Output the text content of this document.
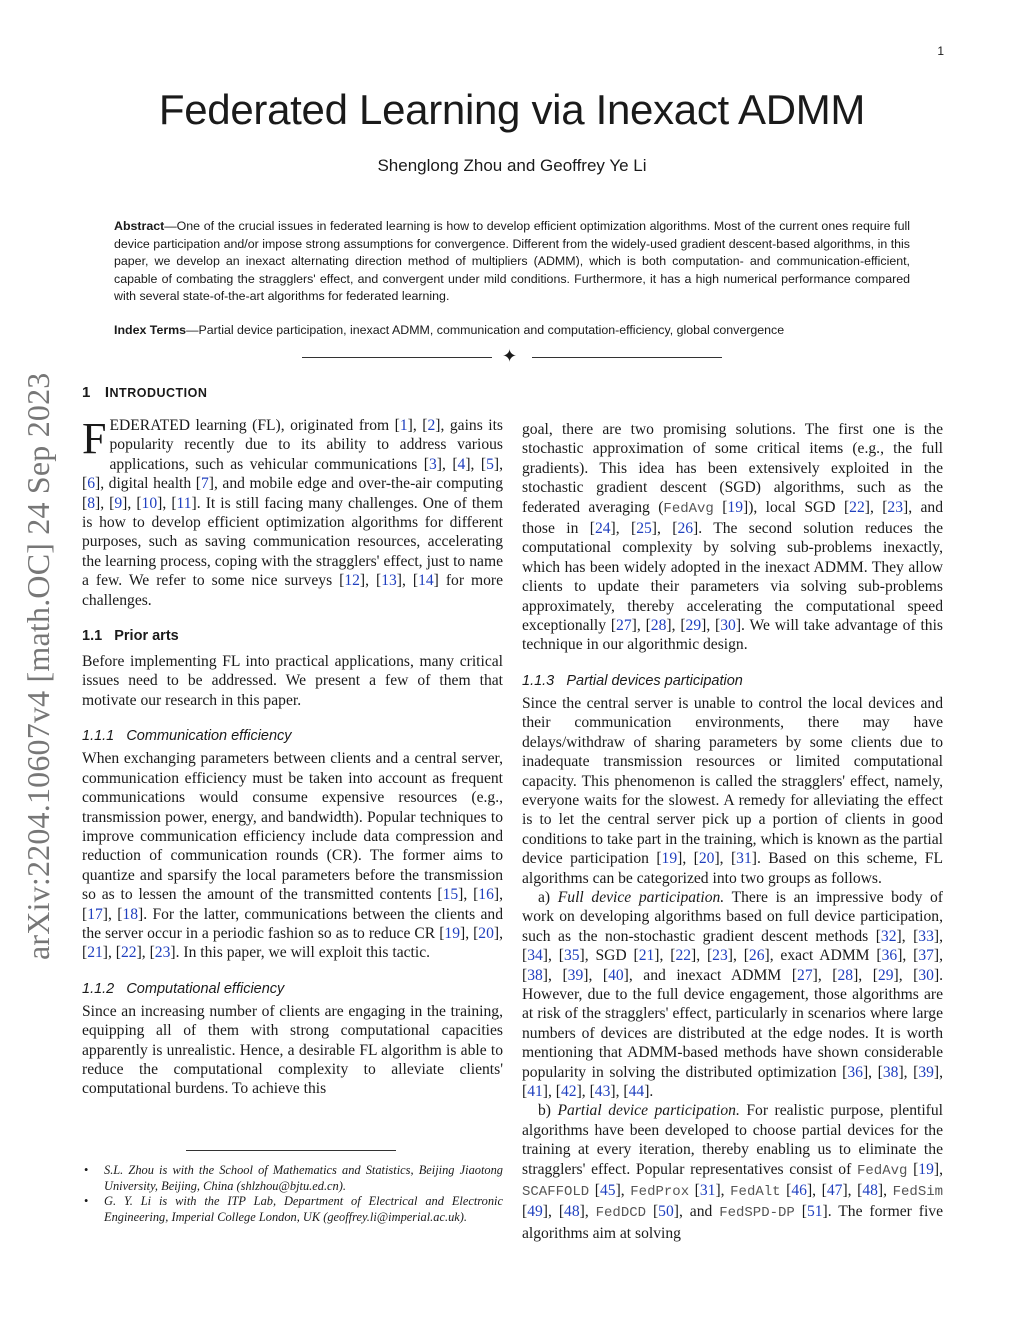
1
Federated Learning via Inexact ADMM
Shenglong Zhou and Geoffrey Ye Li
Abstract—One of the crucial issues in federated learning is how to develop efficient optimization algorithms. Most of the current ones require full device participation and/or impose strong assumptions for convergence. Different from the widely-used gradient descent-based algorithms, in this paper, we develop an inexact alternating direction method of multipliers (ADMM), which is both computation- and communication-efficient, capable of combating the stragglers' effect, and convergent under mild conditions. Furthermore, it has a high numerical performance compared with several state-of-the-art algorithms for federated learning.
Index Terms—Partial device participation, inexact ADMM, communication and computation-efficiency, global convergence
✦
arXiv:2204.10607v4 [math.OC] 24 Sep 2023 1 INTRODUCTION

FEDERATED learning (FL), originated from [1], [2], gains its popularity recently due to its ability to address various applications, such as vehicular communications [3], [4], [5], [6], digital health [7], and mobile edge and over-the-air computing [8], [9], [10], [11]. It is still facing many challenges. One of them is how to develop efficient optimization algorithms for different purposes, such as saving communication resources, accelerating the learning process, coping with the stragglers' effect, just to name a few. We refer to some nice surveys [12], [13], [14] for more challenges.

1.1   Prior arts

Before implementing FL into practical applications, many critical issues need to be addressed. We present a few of them that motivate our research in this paper.

1.1.1   Communication efficiency

When exchanging parameters between clients and a central server, communication efficiency must be taken into account as frequent communications would consume expensive resources (e.g., transmission power, energy, and bandwidth). Popular techniques to improve communication efficiency include data compression and reduction of communication rounds (CR). The former aims to quantize and sparsify the local parameters before the transmission so as to lessen the amount of the transmitted contents [15], [16], [17], [18]. For the latter, communications between the clients and the server occur in a periodic fashion so as to reduce CR [19], [20], [21], [22], [23]. In this paper, we will exploit this tactic.

1.1.2   Computational efficiency

Since an increasing number of clients are engaging in the training, equipping all of them with strong computational capacities apparently is unrealistic. Hence, a desirable FL algorithm is able to reduce the computational complexity to alleviate clients' computational burdens. To achieve this

goal, there are two promising solutions. The first one is the stochastic approximation of some critical items (e.g., the full gradients). This idea has been extensively exploited in the stochastic gradient descent (SGD) algorithms, such as the federated averaging (FedAvg [19]), local SGD [22], [23], and those in [24], [25], [26]. The second solution reduces the computational complexity by solving sub-problems inexactly, which has been widely adopted in the inexact ADMM. They allow clients to update their parameters via solving sub-problems approximately, thereby accelerating the computational speed exceptionally [27], [28], [29], [30]. We will take advantage of this technique in our algorithmic design.

1.1.3   Partial devices participation

Since the central server is unable to control the local devices and their communication environments, there may have delays/withdraw of sharing parameters by some clients due to inadequate transmission resources or limited computational capacity. This phenomenon is called the stragglers' effect, namely, everyone waits for the slowest. A remedy for alleviating the effect is to let the central server pick up a portion of clients in good conditions to take part in the training, which is known as the partial device participation [19], [20], [31]. Based on this scheme, FL algorithms can be categorized into two groups as follows.

a) Full device participation. There is an impressive body of work on developing algorithms based on full device participation, such as the non-stochastic gradient descent methods [32], [33], [34], [35], SGD [21], [22], [23], [26], exact ADMM [36], [37], [38], [39], [40], and inexact ADMM [27], [28], [29], [30]. However, due to the full device engagement, those algorithms are at risk of the stragglers' effect, particularly in scenarios where large numbers of devices are distributed at the edge nodes. It is worth mentioning that ADMM-based methods have shown considerable popularity in solving the distributed optimization [36], [38], [39], [41], [42], [43], [44].

b) Partial device participation. For realistic purpose, plentiful algorithms have been developed to choose partial devices for the training at every iteration, thereby enabling us to eliminate the stragglers' effect. Popular representatives consist of FedAvg [19], SCAFFOLD [45], FedProx [31], FedAlt [46], [47], [48], FedSim [49], [48], FedDCD [50], and FedSPD-DP [51]. The former five algorithms aim at solving

• S.L. Zhou is with the School of Mathematics and Statistics, Beijing Jiaotong University, Beijing, China (shlzhou@bjtu.ed.cn).
• G. Y. Li is with the ITP Lab, Department of Electrical and Electronic Engineering, Imperial College London, UK (geoffrey.li@imperial.ac.uk).
